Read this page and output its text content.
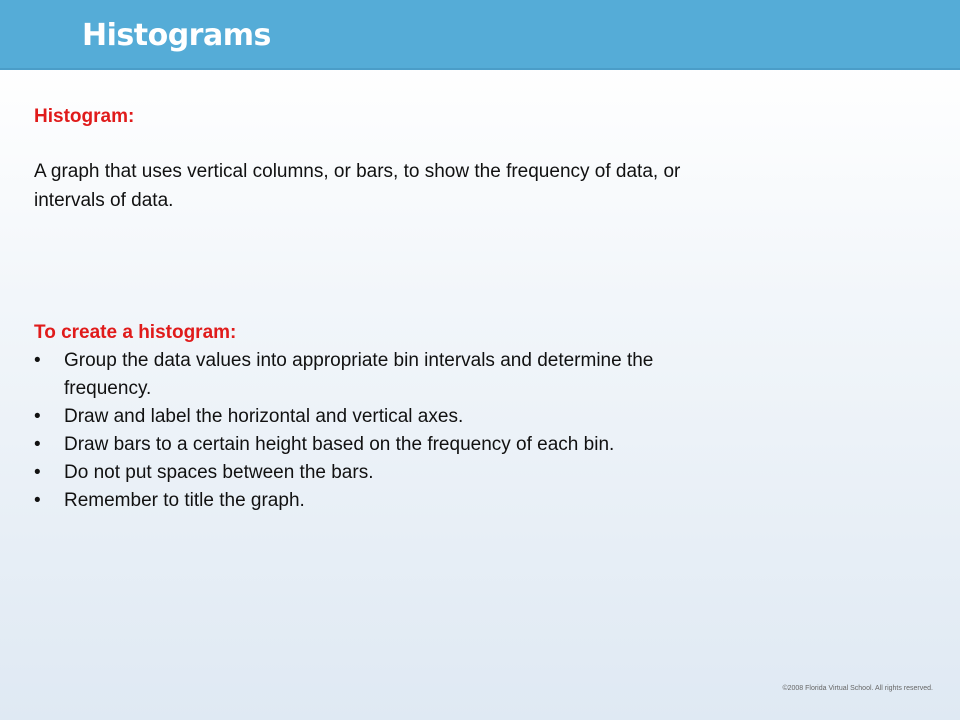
Histograms

Histogram:

A graph that uses vertical columns, or bars, to show the frequency of data, or

intervals of data.

To create a histogram:

• Group the data values into appropriate bin intervals and determine the
frequency.
• Draw and label the horizontal and vertical axes.
• Draw bars to a certain height based on the frequency of each bin.
• Do not put spaces between the bars.
• Remember to title the graph.
©2008 Florida Virtual School. All rights reserved.
